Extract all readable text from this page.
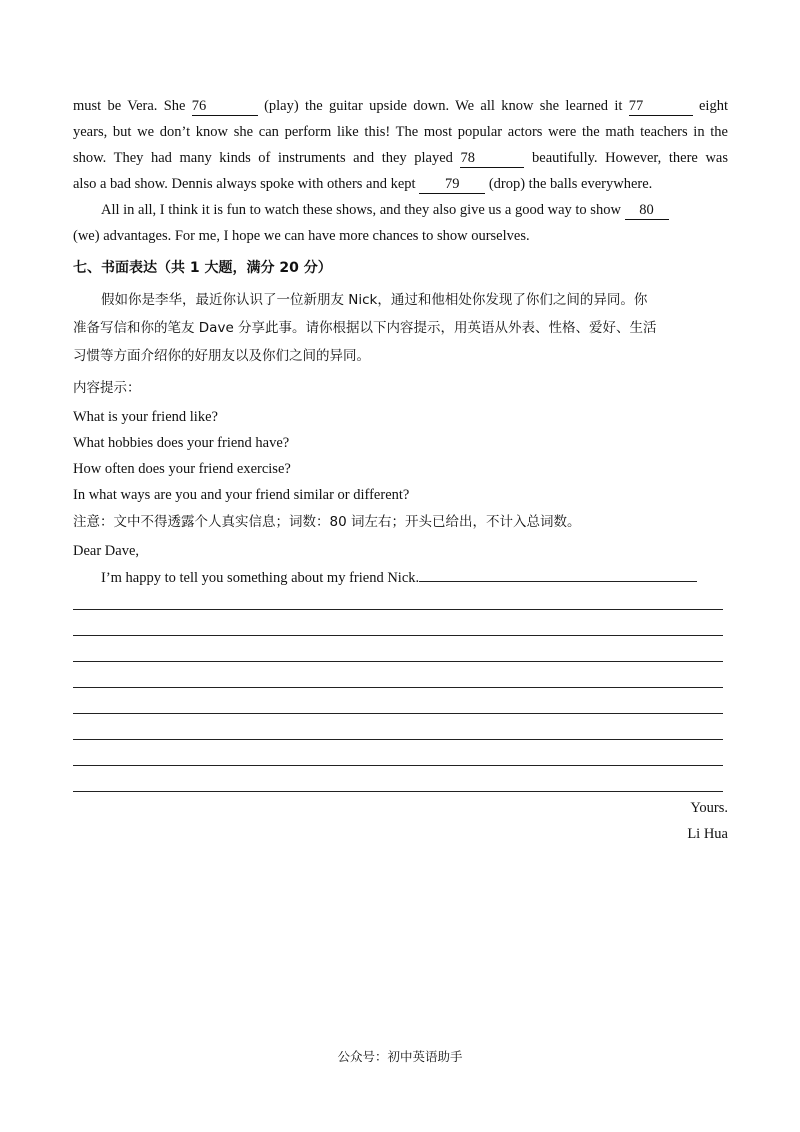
must be Vera. She 76	(play) the guitar upside down. We all know she learned it 77	eight
years, but we don’t know she can perform like this! The most popular actors were the math teachers in the
show. They had many kinds of instruments and they played 78	beautifully. However, there was
also a bad show. Dennis always spoke with others and kept 79 (drop) the balls everywhere.
All in all, I think it is fun to watch these shows, and they also give us a good way to show 80
(we) advantages. For me, I hope we can have more chances to show ourselves.
七、书面表达（共 1 大题，满分 20 分）
假如你是李华，最近你认识了一位新朋友 Nick，通过和他相处你发现了你们之间的异同。你
准备写信和你的笔友 Dave 分享此事。请你根据以下内容提示，用英语从外表、性格、爱好、生活
习惯等方面介绍你的好朋友以及你们之间的异同。
内容提示：
What is your friend like?
What hobbies does your friend have?
How often does your friend exercise?
In what ways are you and your friend similar or different?
注意：文中不得透露个人真实信息；词数：80 词左右；开头已给出，不计入总词数。
Dear Dave,
I’m happy to tell you something about my friend Nick.
Yours.
Li Hua
公众号：初中英语助手
